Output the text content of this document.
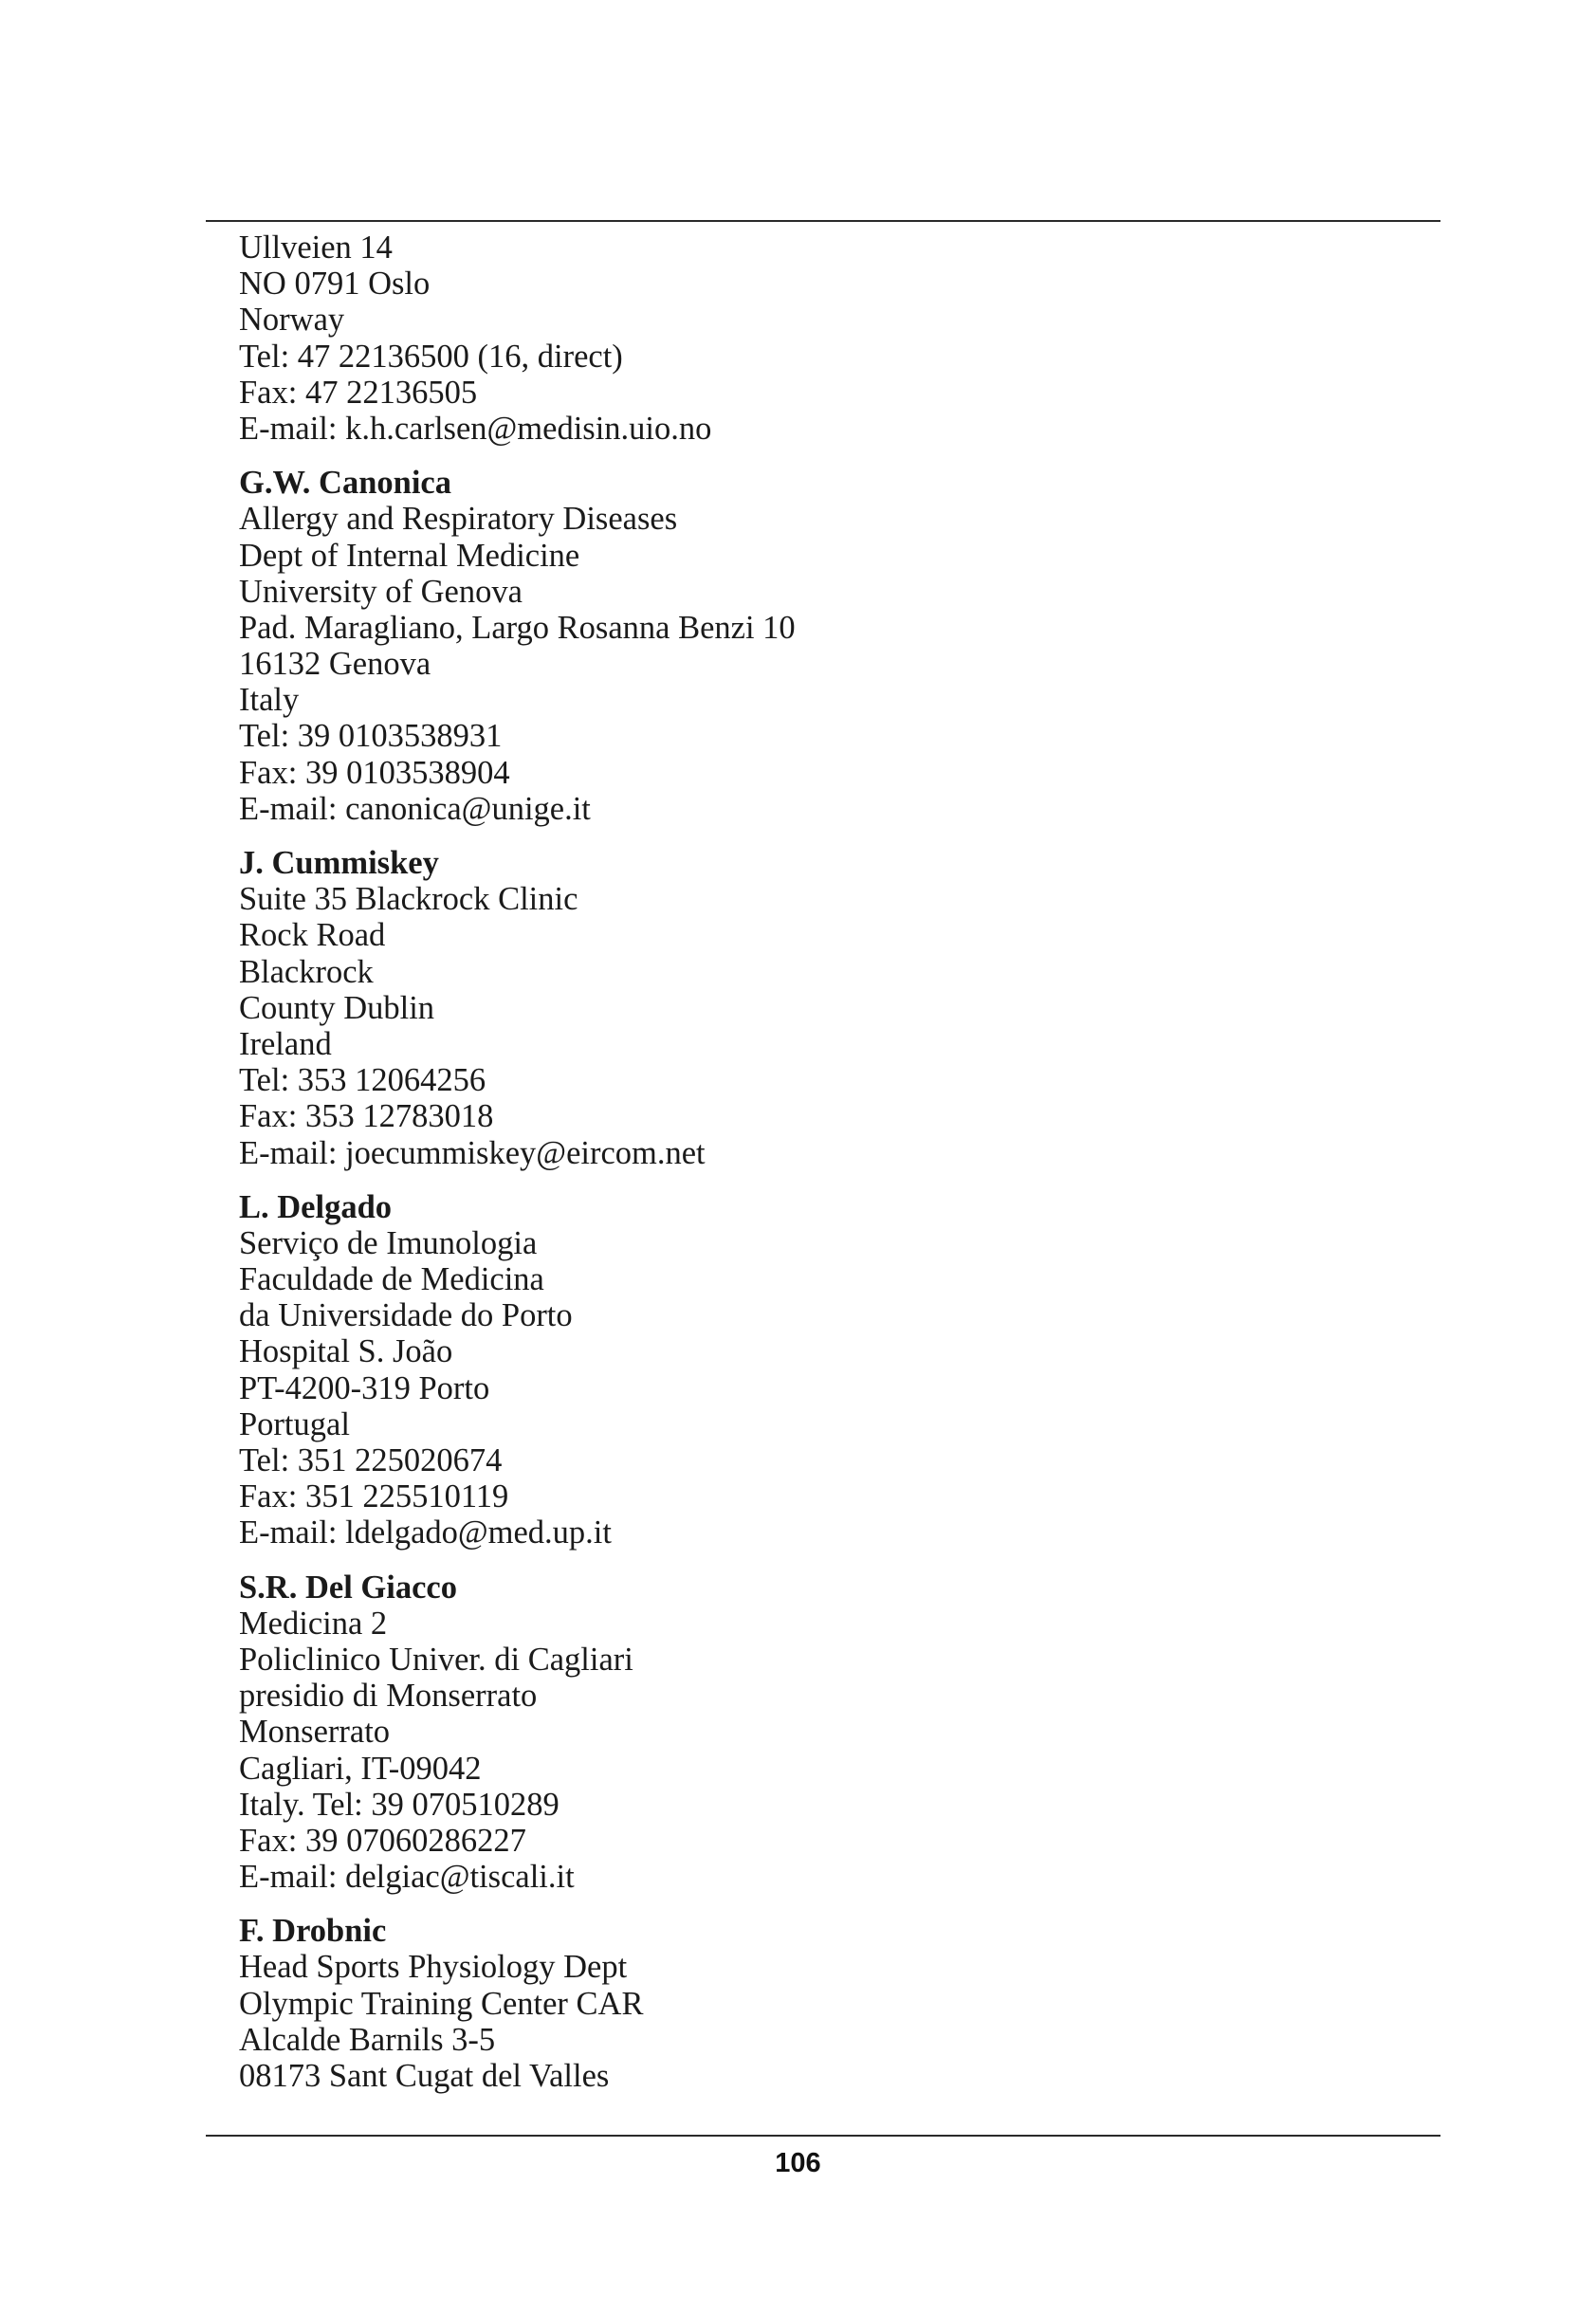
Ullveien 14
NO 0791 Oslo
Norway
Tel: 47 22136500 (16, direct)
Fax: 47 22136505
E-mail: k.h.carlsen@medisin.uio.no
G.W. Canonica
Allergy and Respiratory Diseases
Dept of Internal Medicine
University of Genova
Pad. Maragliano, Largo Rosanna Benzi 10
16132 Genova
Italy
Tel: 39 0103538931
Fax: 39 0103538904
E-mail: canonica@unige.it
J. Cummiskey
Suite 35 Blackrock Clinic
Rock Road
Blackrock
County Dublin
Ireland
Tel: 353 12064256
Fax: 353 12783018
E-mail: joecummiskey@eircom.net
L. Delgado
Serviço de Imunologia
Faculdade de Medicina
da Universidade do Porto
Hospital S. João
PT-4200-319 Porto
Portugal
Tel: 351 225020674
Fax: 351 225510119
E-mail: ldelgado@med.up.it
S.R. Del Giacco
Medicina 2
Policlinico Univer. di Cagliari
presidio di Monserrato
Monserrato
Cagliari, IT-09042
Italy. Tel: 39 070510289
Fax: 39 07060286227
E-mail: delgiac@tiscali.it
F. Drobnic
Head Sports Physiology Dept
Olympic Training Center CAR
Alcalde Barnils 3-5
08173 Sant Cugat del Valles
106
